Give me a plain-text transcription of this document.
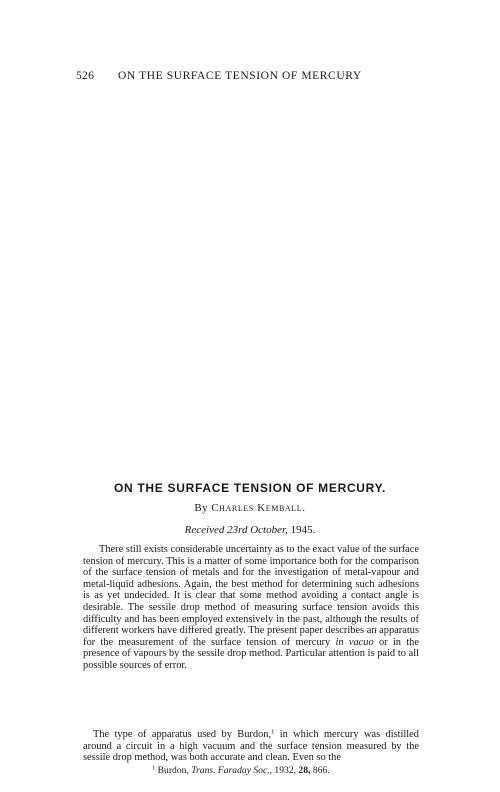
526 ON THE SURFACE TENSION OF MERCURY
ON THE SURFACE TENSION OF MERCURY.
By Charles Kemball.
Received 23rd October, 1945.

There still exists considerable uncertainty as to the exact value of the surface tension of mercury. This is a matter of some importance both for the comparison of the surface tension of metals and for the investigation of metal-vapour and metal-liquid adhesions. Again, the best method for determining such adhesions is as yet undecided. It is clear that some method avoiding a contact angle is desirable. The sessile drop method of measuring surface tension avoids this difficulty and has been employed extensively in the past, although the results of different workers have differed greatly. The present paper describes an apparatus for the measurement of the surface tension of mercury in vacuo or in the presence of vapours by the sessile drop method. Particular attention is paid to all possible sources of error.

The type of apparatus used by Burdon,$^1$ in which mercury was distilled around a circuit in a high vacuum and the surface tension measured by the sessile drop method, was both accurate and clean. Even so the

$^1$ Burdon, Trans. Faraday Soc., 1932, 28, 866.
